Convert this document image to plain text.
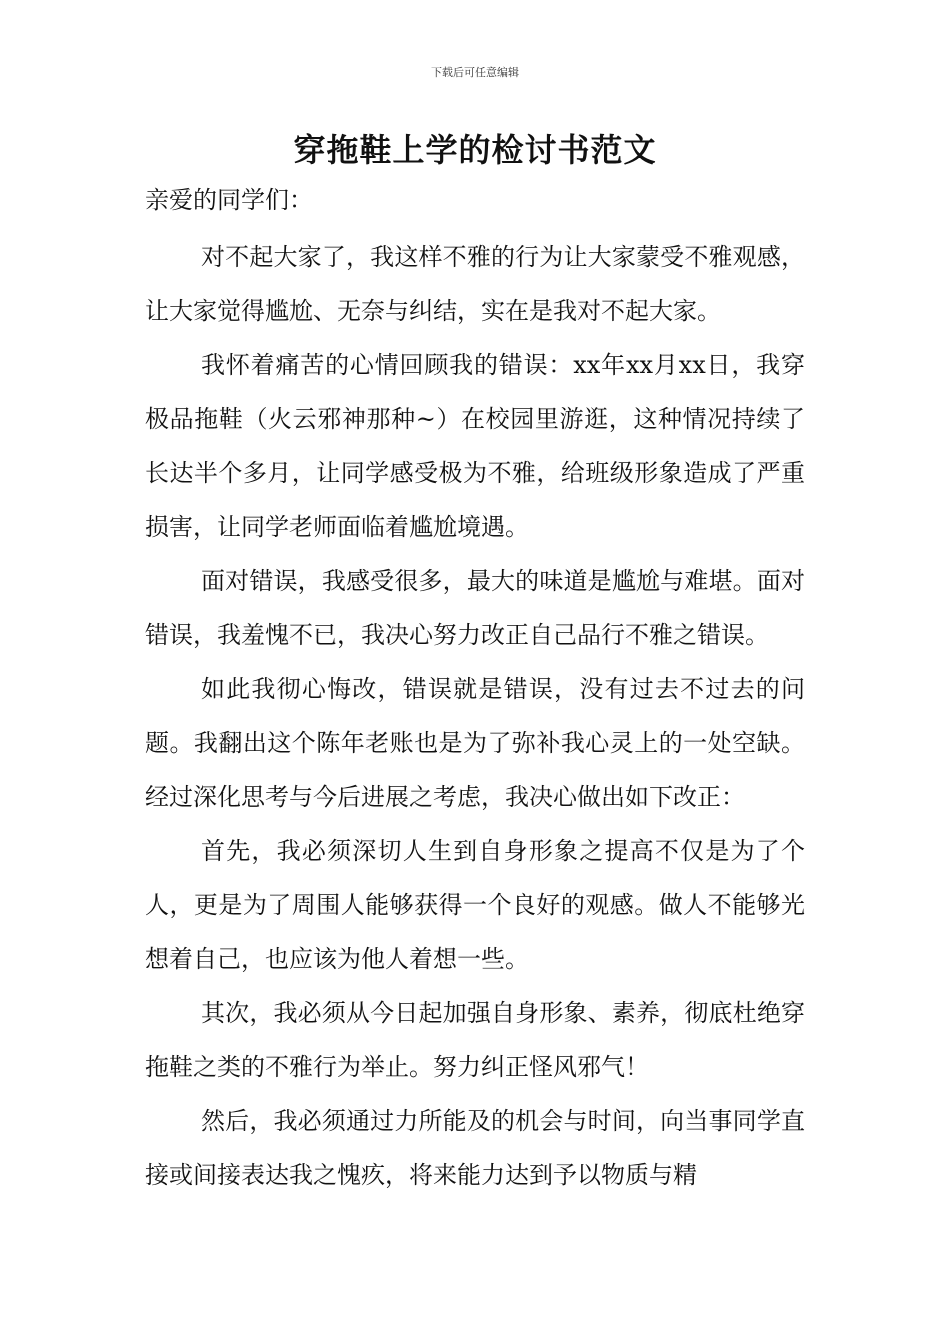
下载后可任意编辑
穿拖鞋上学的检讨书范文

亲爱的同学们：

对不起大家了，我这样不雅的行为让大家蒙受不雅观感，让大家觉得尴尬、无奈与纠结，实在是我对不起大家。

我怀着痛苦的心情回顾我的错误：xx年xx月xx日，我穿极品拖鞋（火云邪神那种~）在校园里游逛，这种情况持续了长达半个多月，让同学感受极为不雅，给班级形象造成了严重损害，让同学老师面临着尴尬境遇。

面对错误，我感受很多，最大的味道是尴尬与难堪。面对错误，我羞愧不已，我决心努力改正自己品行不雅之错误。

如此我彻心悔改，错误就是错误，没有过去不过去的问题。我翻出这个陈年老账也是为了弥补我心灵上的一处空缺。经过深化思考与今后进展之考虑，我决心做出如下改正：

首先，我必须深切人生到自身形象之提高不仅是为了个人，更是为了周围人能够获得一个良好的观感。做人不能够光想着自己，也应该为他人着想一些。

其次，我必须从今日起加强自身形象、素养，彻底杜绝穿拖鞋之类的不雅行为举止。努力纠正怪风邪气！

然后，我必须通过力所能及的机会与时间，向当事同学直接或间接表达我之愧疚，将来能力达到予以物质与精
